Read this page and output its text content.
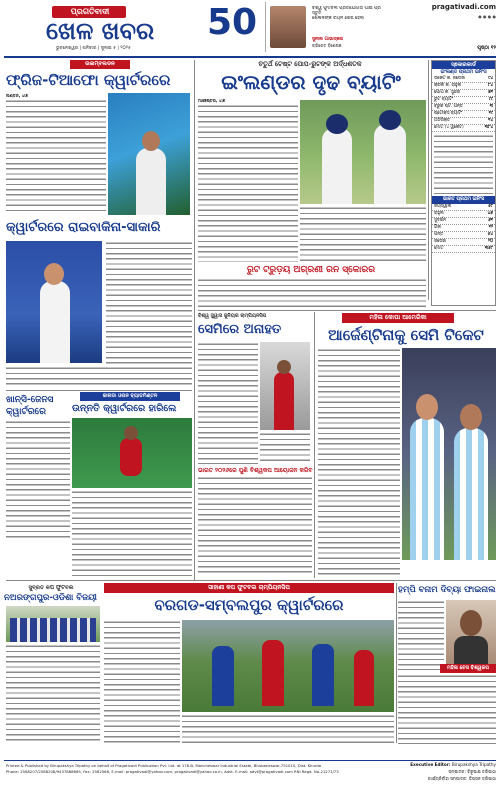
ପ୍ରଗତିବାଦୀ
ଖେଳ ଖବର
ଭୁବନେଶ୍ୱର | ଶନିବାର | ଜୁଲାଇ ୫ | ୨୦୨୫
50	ବିଶ୍ୱ ଫୁଟବଲ ପ୍ରତିଯୋଗିତା ପାଇଁ ପ୍ରସ୍ତୁତି
ଖେଳାଳିଙ୍କ ଚୟନ ଶେଷ ହେଲା
ସୁନୀଲ ଗାଭାସ୍କର
କ୍ରିକେଟ ବିଶେଷଜ୍ଞ
pragativadi.com
● ● ● ●
ପୃଷ୍ଠା ୧୨
ଉଇମ୍ବଲଡନ
ଫ୍ରିଜ-ଟିଆଫୋ କ୍ୱାର୍ଟରରେ
ଲଣ୍ଡନ, ୪ା୭
କ୍ୱାର୍ଟରରେ ରାଇବାକିନା-ସାକାରି
ଚତୁର୍ଥ ଟେଷ୍ଟ ପୋପ-ରୁଟଙ୍କ ଅର୍ଦ୍ଧଶତକ
ଇଂଲଣ୍ଡର ଦୃଢ ବ୍ୟାଟିଂ
ମାଞ୍ଚେଷ୍ଟର, ୪ା୭
ରୁଟ ଟ୍ରୁଡ଼ୟ ଅଗ୍ରଣୀ ରନ ସ୍କୋରର
ସ୍କୋରକାର୍ଡ
ଇଂଲଣ୍ଡ ପ୍ରଥମ ଇନିଂସ
ଡକେଟ କ. ଜଡେଜା	୯୪
କ୍ରଲି କ. ରାହୁଲ	୮୪
ପୋପ କ. ସୁନ୍ଦର	୭୧
ରୁଟ ବ୍ୟାଟିଂ	୯୯
ବ୍ରୁକ ଷ୍ଟ. ପନ୍ତ	୩
ଷ୍ଟୋକ୍ସ ବ୍ୟାଟିଂ	୧୯
ଅତିରିକ୍ତ	୧୪
ମୋଟ (୪ ୱିକେଟ)	୩୮୪
ଭାରତ ପ୍ରଥମ ଇନିଂସ
ଜୟସ୍ୱାଲ	୫୮
ରାହୁଲ	୪୬
ସୁଦର୍ଶନ	୬୧
ଗିଲ	୧୨
ପନ୍ତ	୫୪
ଜଡେଜା	୨୦
ମୋଟ	୩୫୮
ବିଶ୍ୱ ସ୍କ୍ୱାସ ଜୁନିୟର ଚାମ୍ପିୟନସିପ
ସେମିରେ ଅନାହତ
ଭାରତ ୨୦୨୬ରେ ପୁଣି ବିଶ୍ୱକପ ଆୟୋଜନ କରିବ
ମହିଳା କୋପା ଆମେରିକା
ଆର୍ଜେଣ୍ଟିନାକୁ ସେମି ଟିକେଟ
ଖାନ୍ସି-ଜେନସ କ୍ୱାର୍ଟରରେ
କାନାଡା ଓପନ ବ୍ୟାଡମିଣ୍ଟନ
ଉନ୍ନତି କ୍ୱାର୍ଟରରେ ହାରିଲେ
ସୁବ୍ରତ କପ ଫୁଟବଲ
ନଅରଙ୍ଗପୁର-ଓଡିଶା ବିଜୟୀ
ସାହାଣୀ କପ ଫୁଟବଲ ଚାମ୍ପିୟନସିପ
ବରଗଡ-ସମ୍ବଲପୁର କ୍ୱାର୍ଟରରେ
ହମ୍ପି ବନାମ ଦିବ୍ୟା ଫାଇନାଲ
ମହିଳା ଚେସ ବିଶ୍ୱକପ
Printed & Published by Birupakshya Tripathy on behalf of Pragativadi Publication Pvt. Ltd. at 178-B, Mancheswar Industrial Estate, Bhubaneswar-751010, Dist. Khurda
Phone: 2588207/2588208/9437868665, Fax: 2582566, E-mail: pragativadi@yahoo.com, pragativadi@yahoo.co.in, Advt. E-mail: advt@pragativadi.com RNI Regd. No-21271/73
Executive Editor: Birupakshya Tripathy
ସମ୍ପାଦକ: ବିରୂପାକ୍ଷ ତ୍ରିପାଠୀ
କାର୍ଯ୍ୟନିର୍ବାହୀ ସମ୍ପାଦକ: ଡିପ୍ସନ ତ୍ରିପାଠୀ
